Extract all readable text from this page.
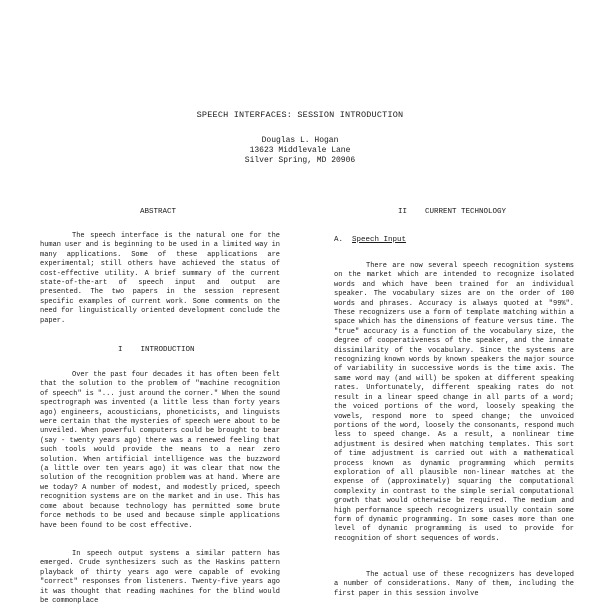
SPEECH INTERFACES: SESSION INTRODUCTION
Douglas L. Hogan
13623 Middlevale Lane
Silver Spring, MD 20906
ABSTRACT
The speech interface is the natural one for the human user and is beginning to be used in a limited way in many applications. Some of these applications are experimental; still others have achieved the status of cost-effective utility. A brief summary of the current state-of-the-art of speech input and output are presented. The two papers in the session represent specific examples of current work. Some comments on the need for linguistically oriented development conclude the paper.
I    INTRODUCTION
Over the past four decades it has often been felt that the solution to the problem of "machine recognition of speech" is "... just around the corner." When the sound spectrograph was invented (a little less than forty years ago) engineers, acousticians, phoneticists, and linguists were certain that the mysteries of speech were about to be unveiled. When powerful computers could be brought to bear (say - twenty years ago) there was a renewed feeling that such tools would provide the means to a near zero solution. When artificial intelligence was the buzzword (a little over ten years ago) it was clear that now the solution of the recognition problem was at hand. Where are we today? A number of modest, and modestly priced, speech recognition systems are on the market and in use. This has come about because technology has permitted some brute force methods to be used and because simple applications have been found to be cost effective.
In speech output systems a similar pattern has emerged. Crude synthesizers such as the Haskins pattern playback of thirty years ago were capable of evoking "correct" responses from listeners. Twenty-five years ago it was thought that reading machines for the blind would be commonplace
II    CURRENT TECHNOLOGY
A. Speech Input
There are now several speech recognition systems on the market which are intended to recognize isolated words and which have been trained for an individual speaker. The vocabulary sizes are on the order of 100 words and phrases. Accuracy is always quoted at "99%". These recognizers use a form of template matching within a space which has the dimensions of feature versus time. The "true" accuracy is a function of the vocabulary size, the degree of cooperativeness of the speaker, and the innate dissimilarity of the vocabulary. Since the systems are recognizing known words by known speakers the major source of variability in successive words is the time axis. The same word may (and will) be spoken at different speaking rates. Unfortunately, different speaking rates do not result in a linear speed change in all parts of a word; the voiced portions of the word, loosely speaking the vowels, respond more to speed change; the unvoiced portions of the word, loosely the consonants, respond much less to speed change. As a result, a nonlinear time adjustment is desired when matching templates. This sort of time adjustment is carried out with a mathematical process known as dynamic programming which permits exploration of all plausible non-linear matches at the expense of (approximately) squaring the computational complexity in contrast to the simple serial computational growth that would otherwise be required. The medium and high performance speech recognizers usually contain some form of dynamic programming. In some cases more than one level of dynamic programming is used to provide for recognition of short sequences of words.
The actual use of these recognizers has developed a number of considerations. Many of them, including the first paper in this session involve
